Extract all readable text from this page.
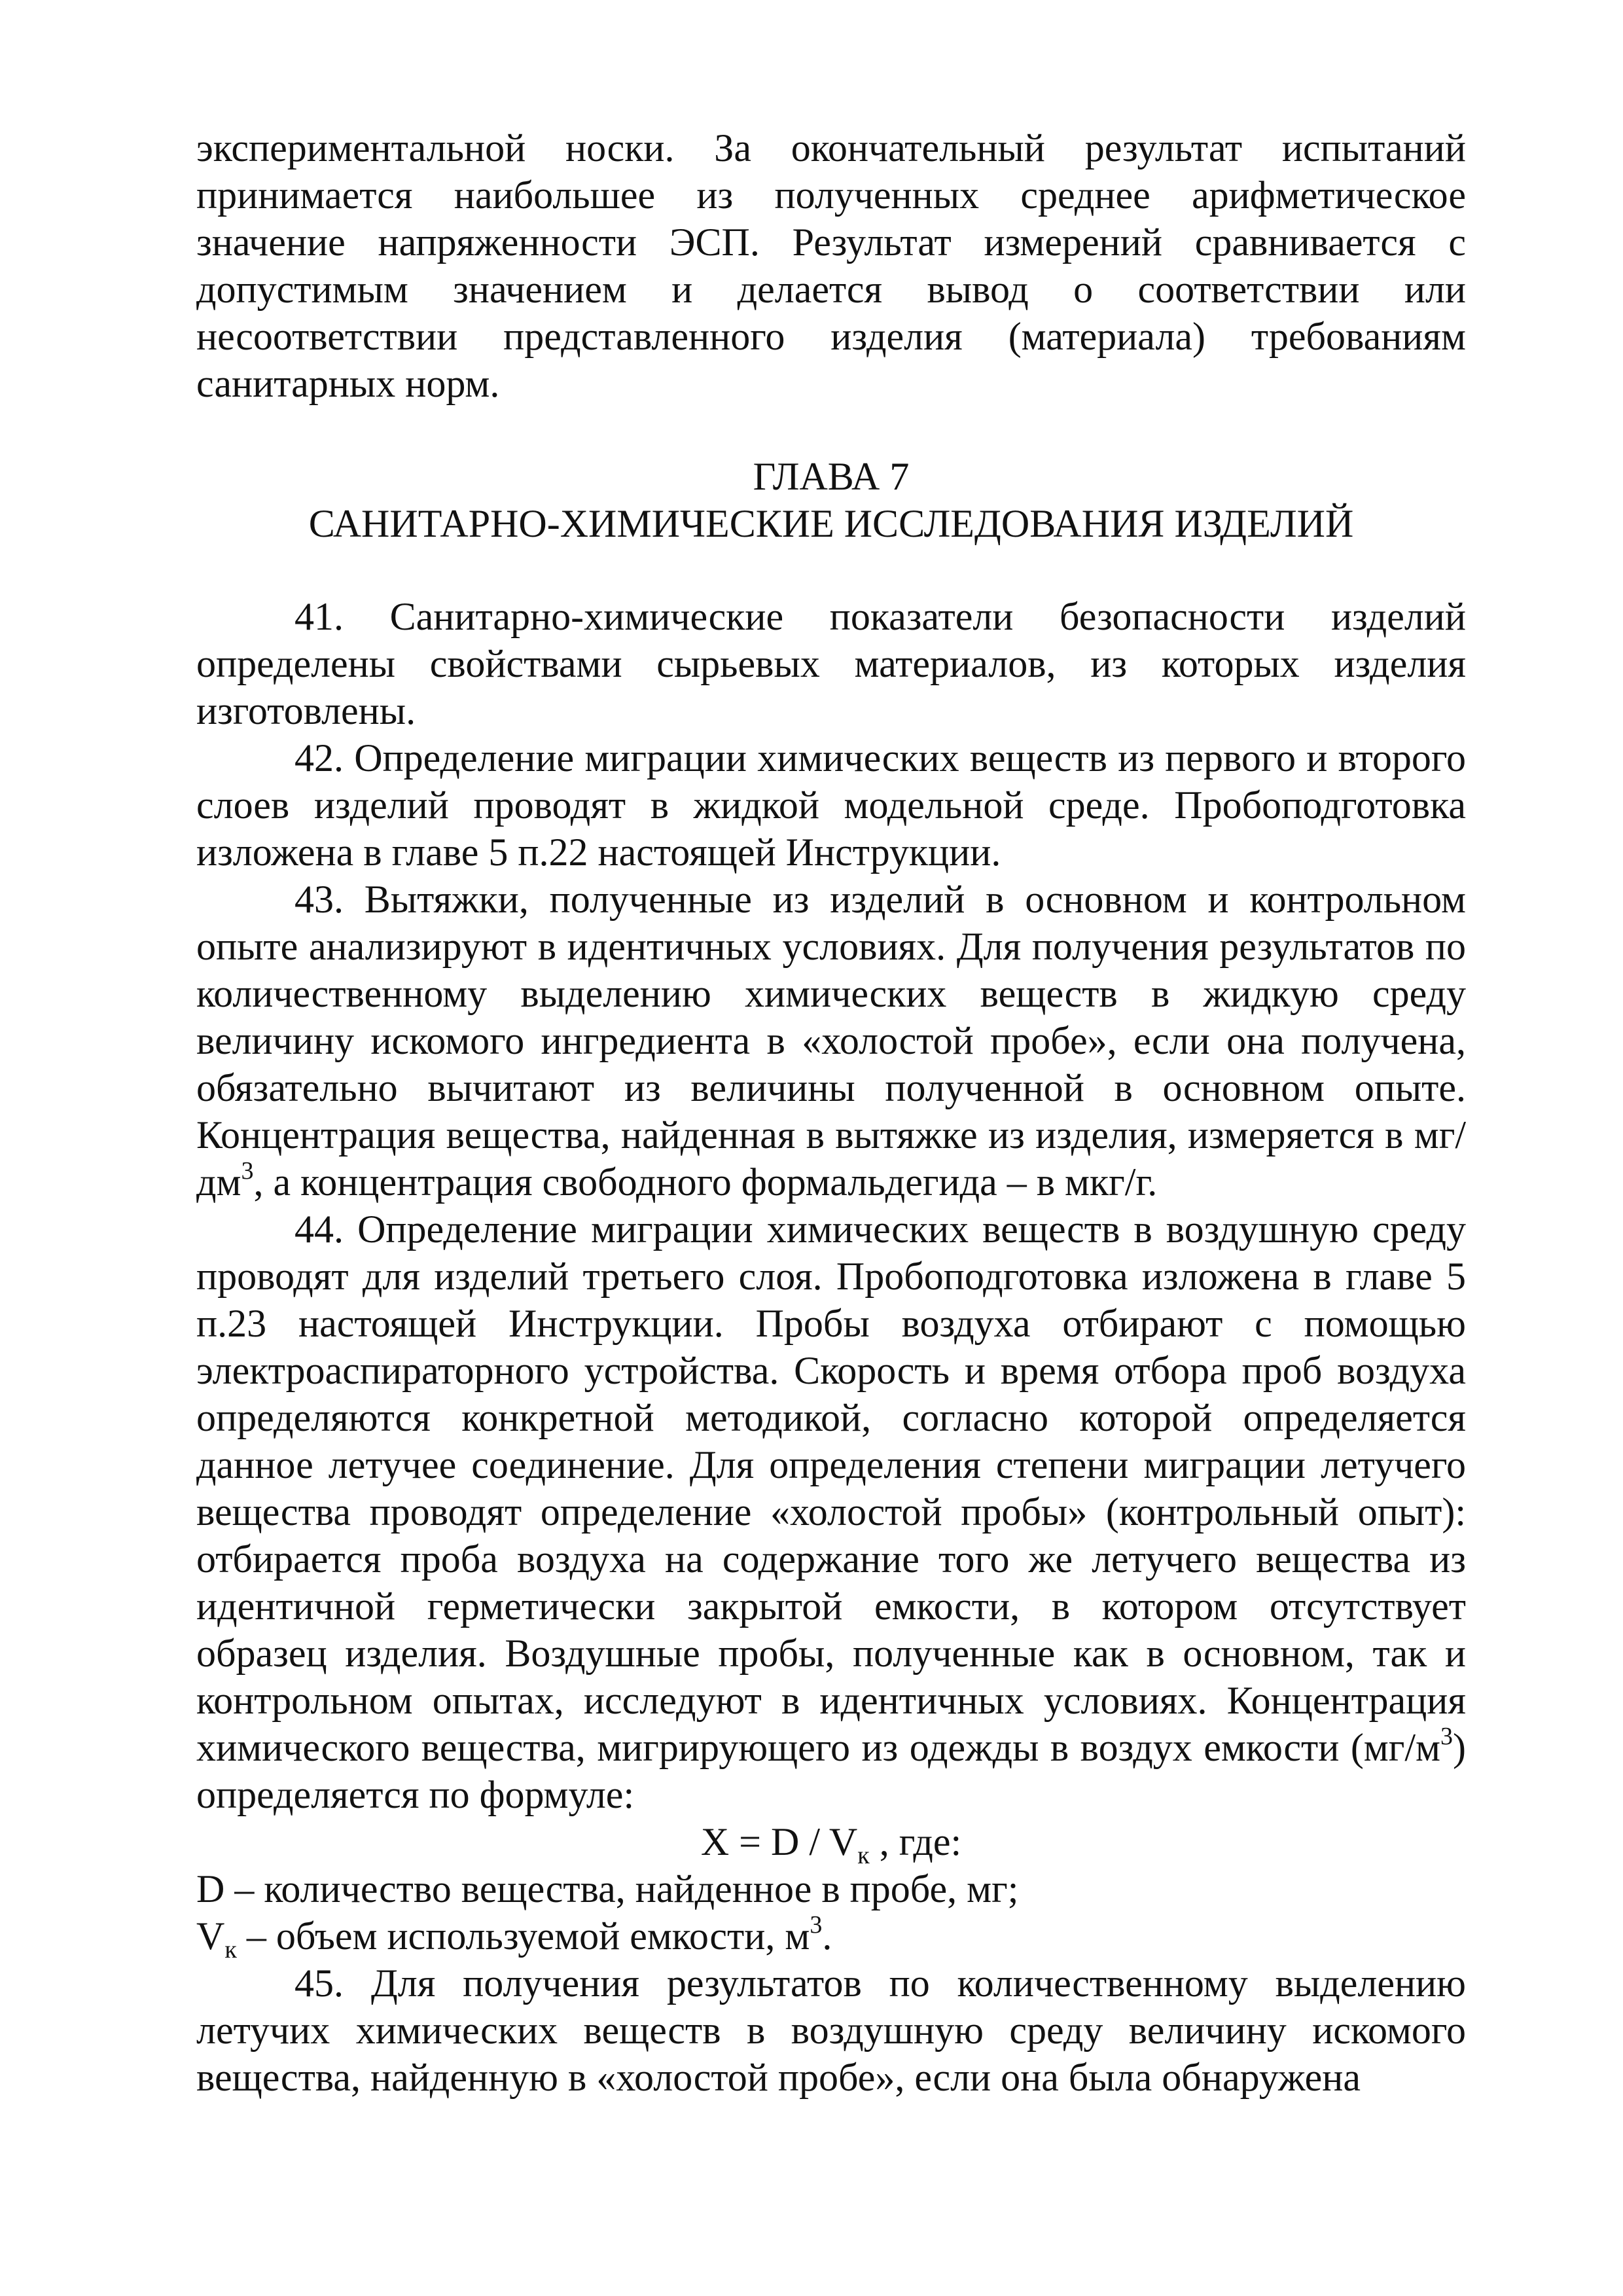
экспериментальной носки. За окончательный результат испытаний принимается наибольшее из полученных среднее арифметическое значение напряженности ЭСП. Результат измерений сравнивается с допустимым значением и делается вывод о соответствии или несоответствии представленного изделия (материала) требованиям санитарных норм.

ГЛАВА 7

САНИТАРНО-ХИМИЧЕСКИЕ ИССЛЕДОВАНИЯ ИЗДЕЛИЙ

41. Санитарно-химические показатели безопасности изделий определены свойствами сырьевых материалов, из которых изделия изготовлены.

42. Определение миграции химических веществ из первого и второго слоев изделий проводят в жидкой модельной среде. Пробоподготовка изложена в главе 5 п.22 настоящей Инструкции.

43. Вытяжки, полученные из изделий в основном и контрольном опыте анализируют в идентичных условиях. Для получения результатов по количественному выделению химических веществ в жидкую среду величину искомого ингредиента в «холостой пробе», если она получена, обязательно вычитают из величины полученной в основном опыте. Концентрация вещества, найденная в вытяжке из изделия, измеряется в $мг/дм^3$, а концентрация свободного формальдегида – в мкг/г.

44. Определение миграции химических веществ в воздушную среду проводят для изделий третьего слоя. Пробоподготовка изложена в главе 5 п.23 настоящей Инструкции. Пробы воздуха отбирают с помощью электроаспираторного устройства. Скорость и время отбора проб воздуха определяются конкретной методикой, согласно которой определяется данное летучее соединение. Для определения степени миграции летучего вещества проводят определение «холостой пробы» (контрольный опыт): отбирается проба воздуха на содержание того же летучего вещества из идентичной герметически закрытой емкости, в котором отсутствует образец изделия. Воздушные пробы, полученные как в основном, так и контрольном опытах, исследуют в идентичных условиях. Концентрация химического вещества, мигрирующего из одежды в воздух емкости $(мг/м^3)$ определяется по формуле:

$X = D / V_к$ , где:

D – количество вещества, найденное в пробе, мг;

$V_к$ – объем используемой емкости, $м^3$.

45. Для получения результатов по количественному выделению летучих химических веществ в воздушную среду величину искомого вещества, найденную в «холостой пробе», если она была обнаружена
